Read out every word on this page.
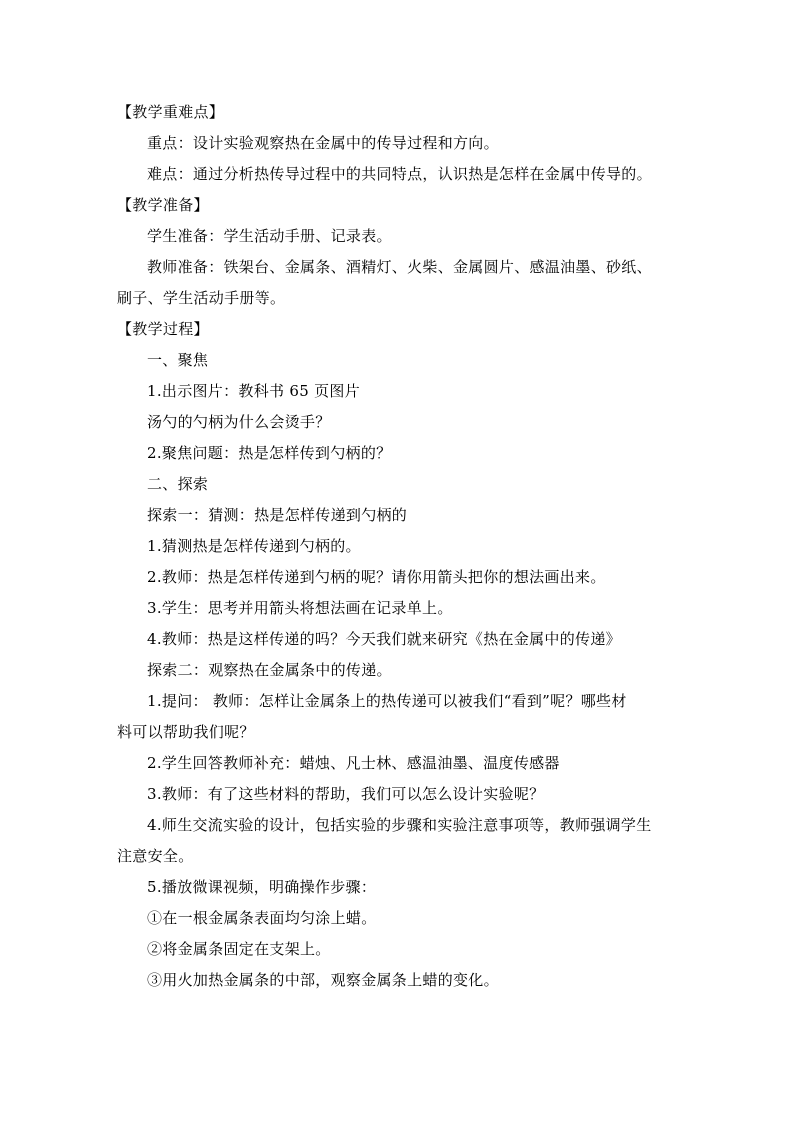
【教学重难点】
重点：设计实验观察热在金属中的传导过程和方向。
难点：通过分析热传导过程中的共同特点，认识热是怎样在金属中传导的。
【教学准备】
学生准备：学生活动手册、记录表。
教师准备：铁架台、金属条、酒精灯、火柴、金属圆片、感温油墨、砂纸、
刷子、学生活动手册等。
【教学过程】
一、聚焦
1.出示图片：教科书 65 页图片
汤勺的勺柄为什么会烫手？
2.聚焦问题：热是怎样传到勺柄的？
二、探索
探索一：猜测：热是怎样传递到勺柄的
1.猜测热是怎样传递到勺柄的。
2.教师：热是怎样传递到勺柄的呢？请你用箭头把你的想法画出来。
3.学生：思考并用箭头将想法画在记录单上。
4.教师：热是这样传递的吗？今天我们就来研究《热在金属中的传递》
探索二：观察热在金属条中的传递。
1.提问： 教师：怎样让金属条上的热传递可以被我们“看到”呢？哪些材
料可以帮助我们呢？
2.学生回答教师补充：蜡烛、凡士林、感温油墨、温度传感器
3.教师：有了这些材料的帮助，我们可以怎么设计实验呢？
4.师生交流实验的设计，包括实验的步骤和实验注意事项等，教师强调学生
注意安全。
5.播放微课视频，明确操作步骤：
①在一根金属条表面均匀涂上蜡。
②将金属条固定在支架上。
③用火加热金属条的中部，观察金属条上蜡的变化。
